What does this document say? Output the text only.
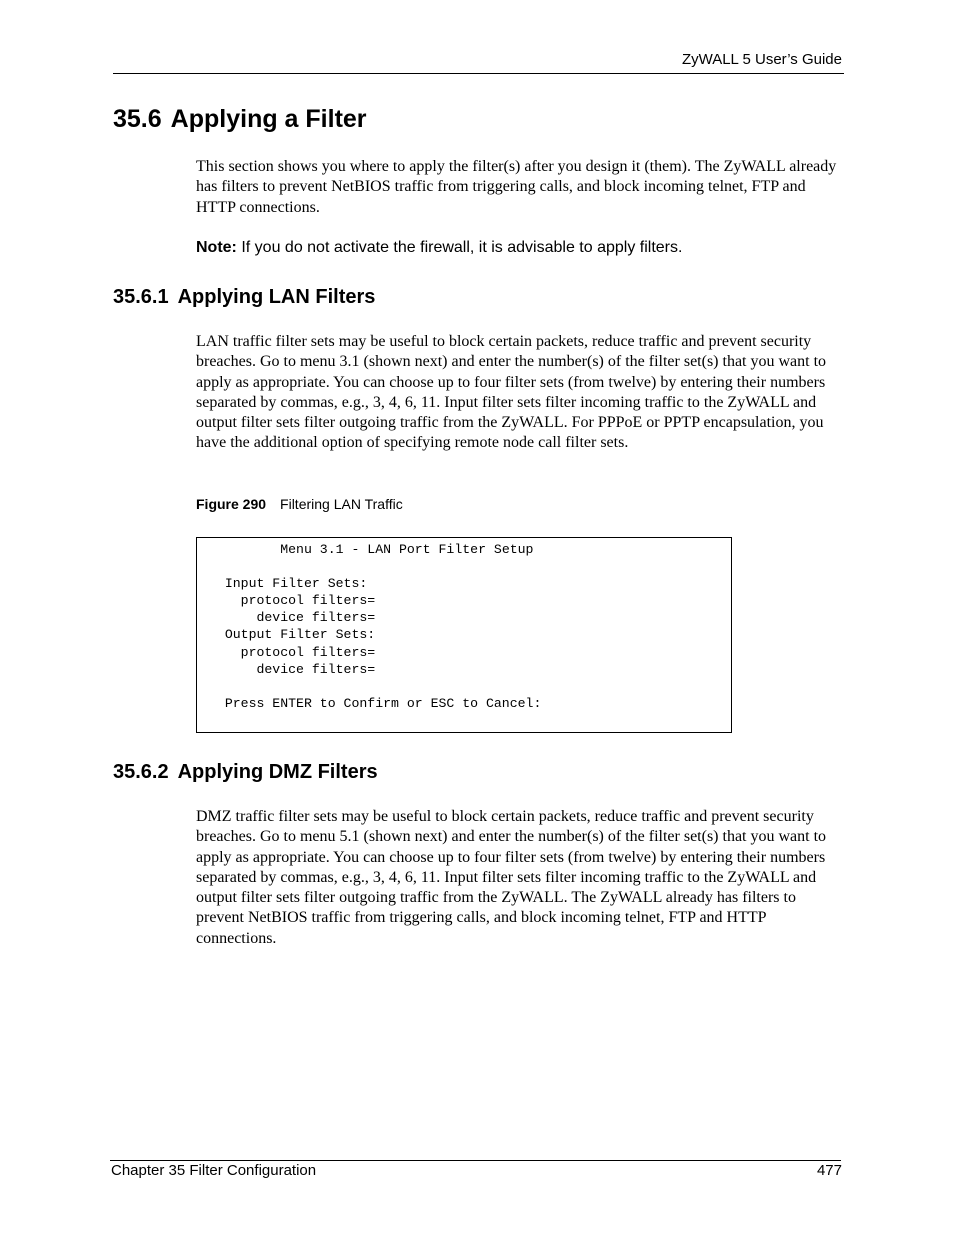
ZyWALL 5 User’s Guide
35.6 Applying a Filter

This section shows you where to apply the filter(s) after you design it (them). The ZyWALL already has filters to prevent NetBIOS traffic from triggering calls, and block incoming telnet, FTP and HTTP connections.

Note: If you do not activate the firewall, it is advisable to apply filters.

35.6.1 Applying LAN Filters

LAN traffic filter sets may be useful to block certain packets, reduce traffic and prevent security breaches. Go to menu 3.1 (shown next) and enter the number(s) of the filter set(s) that you want to apply as appropriate. You can choose up to four filter sets (from twelve) by entering their numbers separated by commas, e.g., 3, 4, 6, 11. Input filter sets filter incoming traffic to the ZyWALL and output filter sets filter outgoing traffic from the ZyWALL. For PPPoE or PPTP encapsulation, you have the additional option of specifying remote node call filter sets.

Figure 290 Filtering LAN Traffic

Menu 3.1 - LAN Port Filter Setup

Input Filter Sets:
protocol filters=
device filters=
Output Filter Sets:
protocol filters=
device filters=

Press ENTER to Confirm or ESC to Cancel:
35.6.2 Applying DMZ Filters

DMZ traffic filter sets may be useful to block certain packets, reduce traffic and prevent security breaches. Go to menu 5.1 (shown next) and enter the number(s) of the filter set(s) that you want to apply as appropriate. You can choose up to four filter sets (from twelve) by entering their numbers separated by commas, e.g., 3, 4, 6, 11. Input filter sets filter incoming traffic to the ZyWALL and output filter sets filter outgoing traffic from the ZyWALL. The ZyWALL already has filters to prevent NetBIOS traffic from triggering calls, and block incoming telnet, FTP and HTTP connections.

Chapter 35 Filter Configuration	477
